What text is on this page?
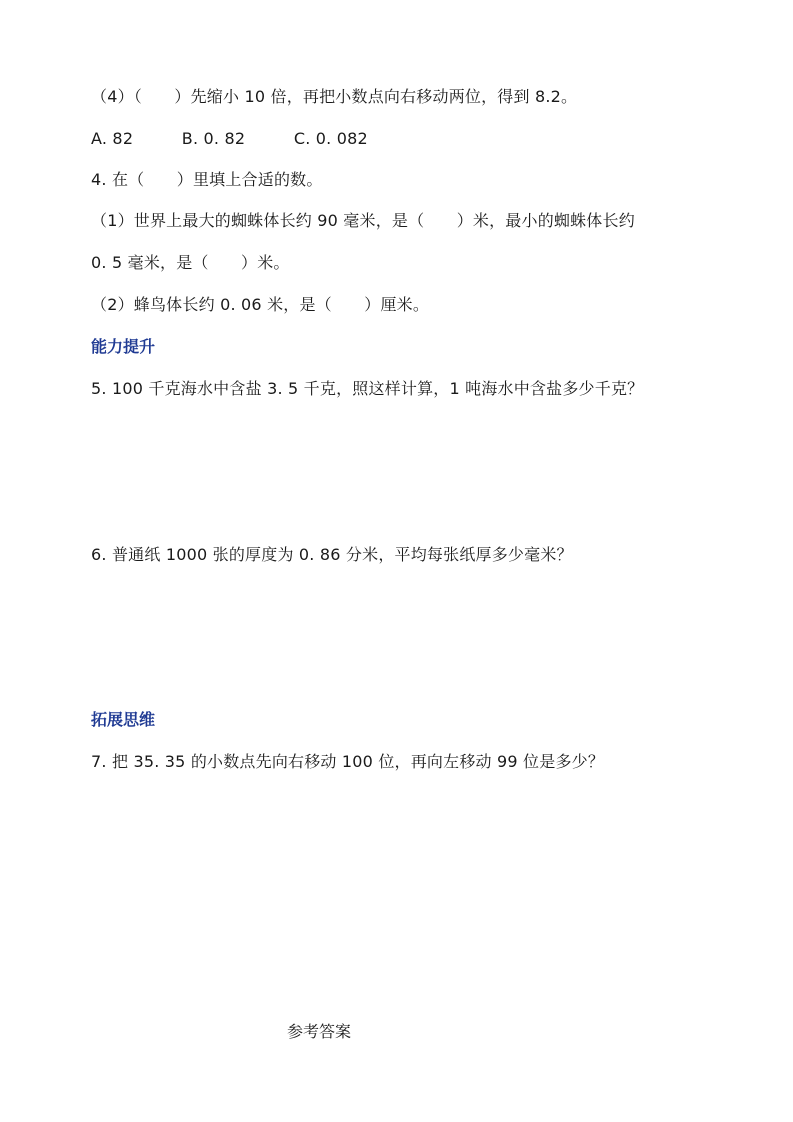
（4）（　　）先缩小 10 倍，再把小数点向右移动两位，得到 8.2。
A. 82　　　B. 0. 82　　　C. 0. 082
4. 在（　　）里填上合适的数。
（1）世界上最大的蜘蛛体长约 90 毫米，是（　　）米，最小的蜘蛛体长约
0. 5 毫米，是（　　）米。
（2）蜂鸟体长约 0. 06 米，是（　　）厘米。
能力提升
5. 100 千克海水中含盐 3. 5 千克，照这样计算，1 吨海水中含盐多少千克？
6. 普通纸 1000 张的厚度为 0. 86 分米，平均每张纸厚多少毫米？
拓展思维
7. 把 35. 35 的小数点先向右移动 100 位，再向左移动 99 位是多少？
参考答案
